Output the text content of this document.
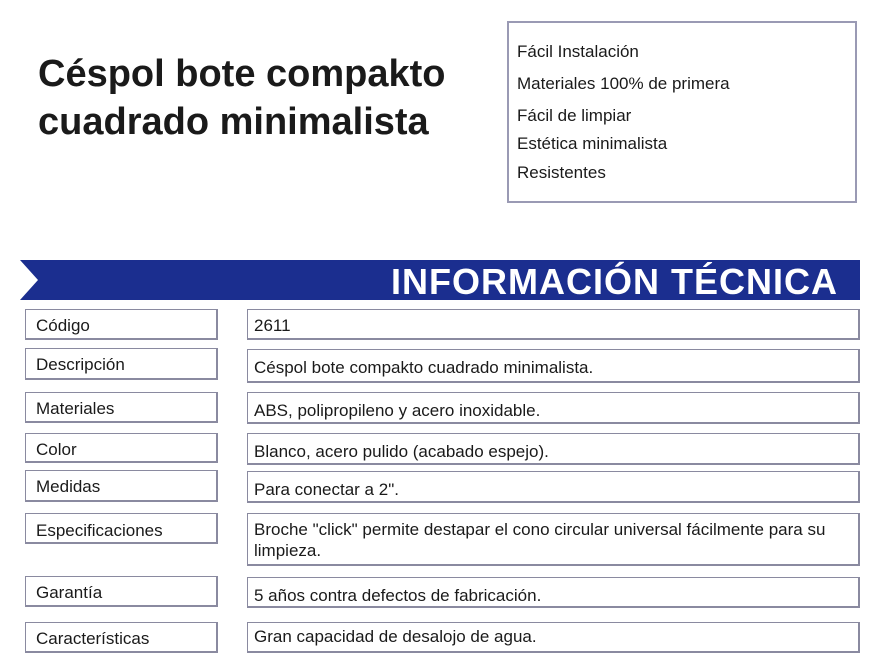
Céspol bote compakto
cuadrado minimalista
Fácil Instalación
Materiales 100% de primera
Fácil de limpiar
Estética minimalista
Resistentes
INFORMACIÓN TÉCNICA
Código	2611
Descripción	Céspol bote compakto cuadrado minimalista.
Materiales	ABS, polipropileno y acero inoxidable.
Color	Blanco, acero pulido (acabado espejo).
Medidas	Para conectar a 2".
Especificaciones	Broche "click" permite destapar el cono circular universal fácilmente para su limpieza.
Garantía	5 años contra defectos de fabricación.
Características	Gran capacidad de desalojo de agua.
